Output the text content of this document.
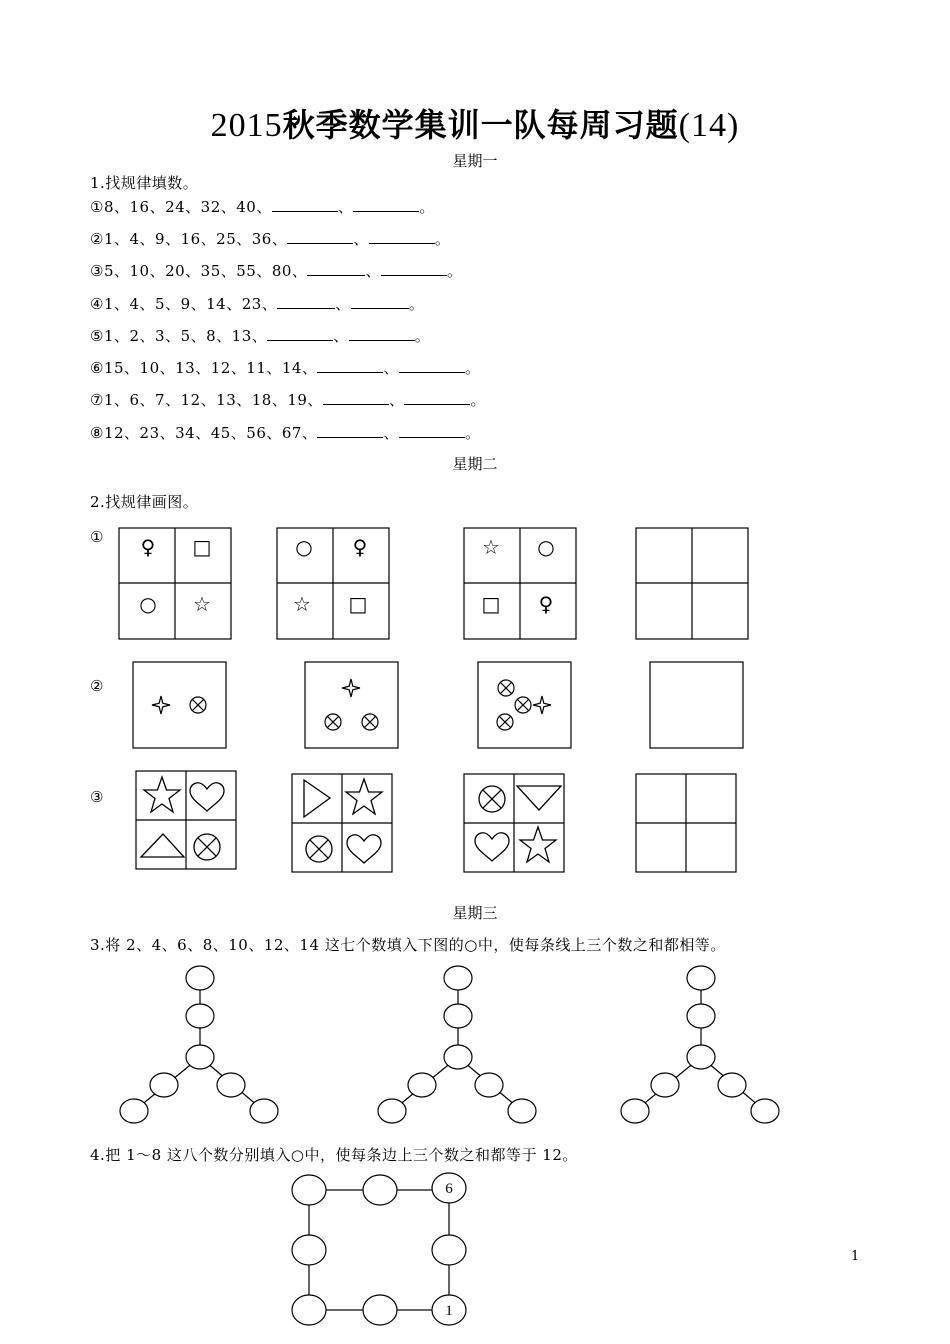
2015秋季数学集训一队每周习题(14)
星期一
1.找规律填数。
①8、16、24、32、40、	、	。
②1、4、9、16、25、36、	、	。
③5、10、20、35、55、80、	、	。
④1、4、5、9、14、23、	、	。
⑤1、2、3、5、8、13、	、	。
⑥15、10、13、12、11、14、	、	。
⑦1、6、7、12、13、18、19、	、	。
⑧12、23、34、45、56、67、	、	。
星期二
2.找规律画图。
①
②
③
星期三
3.将 2、4、6、8、10、12、14 这七个数填入下图的○中，使每条线上三个数之和都相等。
4.把 1～8 这八个数分别填入○中，使每条边上三个数之和都等于 12。
♀ □
○ ☆
○ ♀
☆ □
☆ ○
□ ♀
6
1
1
